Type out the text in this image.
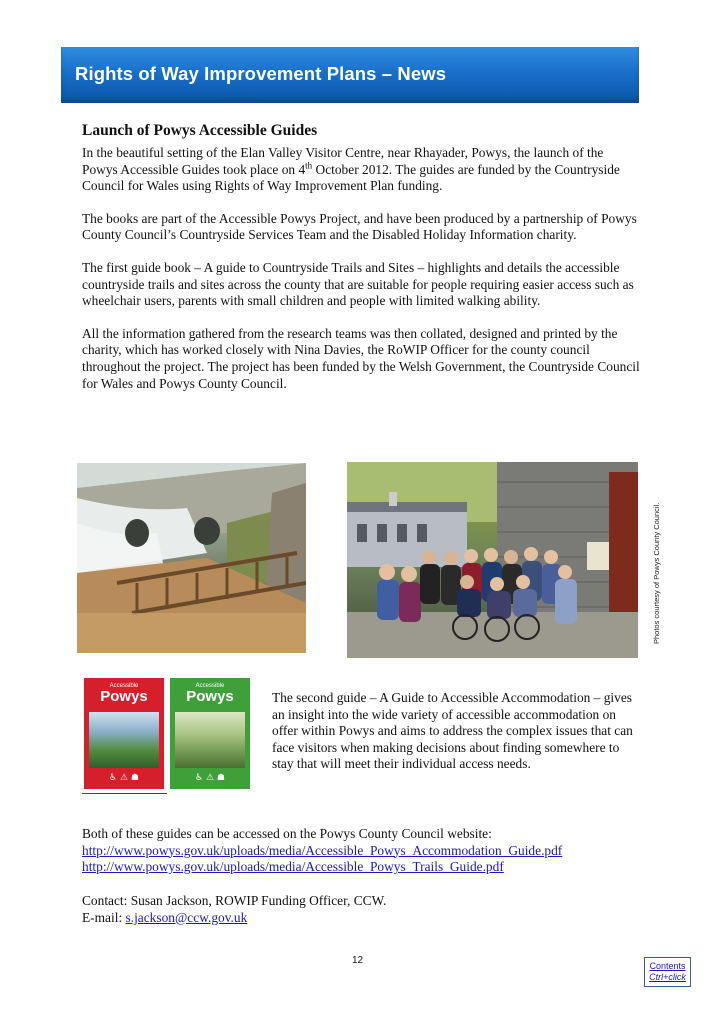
Rights of Way Improvement Plans – News
Launch of Powys Accessible Guides

In the beautiful setting of the Elan Valley Visitor Centre, near Rhayader, Powys, the launch of the Powys Accessible Guides took place on 4th October 2012. The guides are funded by the Countryside Council for Wales using Rights of Way Improvement Plan funding.

The books are part of the Accessible Powys Project, and have been produced by a partnership of Powys County Council’s Countryside Services Team and the Disabled Holiday Information charity.

The first guide book – A guide to Countryside Trails and Sites – highlights and details the accessible countryside trails and sites across the county that are suitable for people requiring easier access such as wheelchair users, parents with small children and people with limited walking ability.

All the information gathered from the research teams was then collated, designed and printed by the charity, which has worked closely with Nina Davies, the RoWIP Officer for the county council throughout the project. The project has been funded by the Welsh Government, the Countryside Council for Wales and Powys County Council.

Photos courtesy of Powys County Council.
Accessible
Powys
♿ ⚠ ☗
Accessible
Powys
♿ ⚠ ☗
The second guide – A Guide to Accessible Accommodation – gives an insight into the wide variety of accessible accommodation on offer within Powys and aims to address the complex issues that can face visitors when making decisions about finding somewhere to stay that will meet their individual access needs.
Both of these guides can be accessed on the Powys County Council website:
http://www.powys.gov.uk/uploads/media/Accessible_Powys_Accommodation_Guide.pdf
http://www.powys.gov.uk/uploads/media/Accessible_Powys_Trails_Guide.pdf
Contact: Susan Jackson, ROWIP Funding Officer, CCW.
E-mail: s.jackson@ccw.gov.uk
12	Contents
Ctrl+click
